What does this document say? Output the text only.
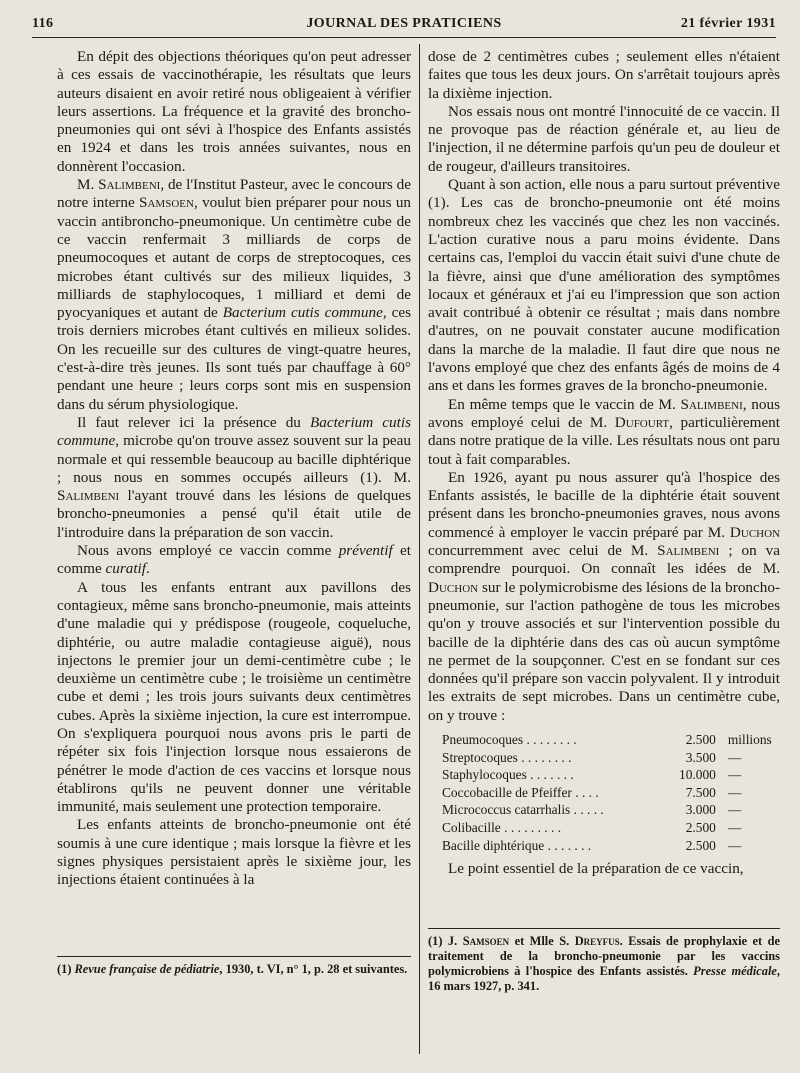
116	JOURNAL DES PRATICIENS	21 février 1931

En dépit des objections théoriques qu'on peut adresser à ces essais de vaccinothérapie, les résultats que leurs auteurs disaient en avoir retiré nous obligeaient à vérifier leurs assertions. La fréquence et la gravité des broncho-pneumonies qui ont sévi à l'hospice des Enfants assistés en 1924 et dans les trois années suivantes, nous en donnèrent l'occasion.

M. Salimbeni, de l'Institut Pasteur, avec le concours de notre interne Samsoen, voulut bien préparer pour nous un vaccin antibroncho-pneumonique. Un centimètre cube de ce vaccin renfermait 3 milliards de corps de pneumocoques et autant de corps de streptocoques, ces microbes étant cultivés sur des milieux liquides, 3 milliards de staphylocoques, 1 milliard et demi de pyocyaniques et autant de Bacterium cutis commune, ces trois derniers microbes étant cultivés en milieux solides. On les recueille sur des cultures de vingt-quatre heures, c'est-à-dire très jeunes. Ils sont tués par chauffage à 60° pendant une heure ; leurs corps sont mis en suspension dans du sérum physiologique.

Il faut relever ici la présence du Bacterium cutis commune, microbe qu'on trouve assez souvent sur la peau normale et qui ressemble beaucoup au bacille diphtérique ; nous nous en sommes occupés ailleurs (1). M. Salimbeni l'ayant trouvé dans les lésions de quelques broncho-pneumonies a pensé qu'il était utile de l'introduire dans la préparation de son vaccin.

Nous avons employé ce vaccin comme préventif et comme curatif.

A tous les enfants entrant aux pavillons des contagieux, même sans broncho-pneumonie, mais atteints d'une maladie qui y prédispose (rougeole, coqueluche, diphtérie, ou autre maladie contagieuse aiguë), nous injectons le premier jour un demi-centimètre cube ; le deuxième un centimètre cube ; le troisième un centimètre cube et demi ; les trois jours suivants deux centimètres cubes. Après la sixième injection, la cure est interrompue. On s'expliquera pourquoi nous avons pris le parti de répéter six fois l'injection lorsque nous essaierons de pénétrer le mode d'action de ces vaccins et lorsque nous établirons qu'ils ne peuvent donner une véritable immunité, mais seulement une protection temporaire.

Les enfants atteints de broncho-pneumonie ont été soumis à une cure identique ; mais lorsque la fièvre et les signes physiques persistaient après le sixième jour, les injections étaient continuées à la

dose de 2 centimètres cubes ; seulement elles n'étaient faites que tous les deux jours. On s'arrêtait toujours après la dixième injection.

Nos essais nous ont montré l'innocuité de ce vaccin. Il ne provoque pas de réaction générale et, au lieu de l'injection, il ne détermine parfois qu'un peu de douleur et de rougeur, d'ailleurs transitoires.

Quant à son action, elle nous a paru surtout préventive (1). Les cas de broncho-pneumonie ont été moins nombreux chez les vaccinés que chez les non vaccinés. L'action curative nous a paru moins évidente. Dans certains cas, l'emploi du vaccin était suivi d'une chute de la fièvre, ainsi que d'une amélioration des symptômes locaux et généraux et j'ai eu l'impression que son action avait contribué à obtenir ce résultat ; mais dans nombre d'autres, on ne pouvait constater aucune modification dans la marche de la maladie. Il faut dire que nous ne l'avons employé que chez des enfants âgés de moins de 4 ans et dans les formes graves de la broncho-pneumonie.

En même temps que le vaccin de M. Salimbeni, nous avons employé celui de M. Dufourt, particulièrement dans notre pratique de la ville. Les résultats nous ont paru tout à fait comparables.

En 1926, ayant pu nous assurer qu'à l'hospice des Enfants assistés, le bacille de la diphtérie était souvent présent dans les broncho-pneumonies graves, nous avons commencé à employer le vaccin préparé par M. Duchon concurremment avec celui de M. Salimbeni ; on va comprendre pourquoi. On connaît les idées de M. Duchon sur le polymicrobisme des lésions de la broncho-pneumonie, sur l'action pathogène de tous les microbes qu'on y trouve associés et sur l'intervention possible du bacille de la diphtérie dans des cas où aucun symptôme ne permet de la soupçonner. C'est en se fondant sur ces données qu'il prépare son vaccin polyvalent. Il y introduit les extraits de sept microbes. Dans un centimètre cube, on y trouve :

Pneumocoques . . . . . . . .	2.500 millions
Streptocoques . . . . . . . .	3.500 —
Staphylocoques . . . . . . .	10.000 —
Coccobacille de Pfeiffer . . . .	7.500 —
Micrococcus catarrhalis . . . . .	3.000 —
Colibacille . . . . . . . . .	2.500 —
Bacille diphtérique . . . . . . .	2.500 —

Le point essentiel de la préparation de ce vaccin,

(1) Revue française de pédiatrie, 1930, t. VI, n° 1, p. 28 et suivantes.
(1) J. Samsoen et Mlle S. Dreyfus. Essais de prophylaxie et de traitement de la broncho-pneumonie par les vaccins polymicrobiens à l'hospice des Enfants assistés. Presse médicale, 16 mars 1927, p. 341.
